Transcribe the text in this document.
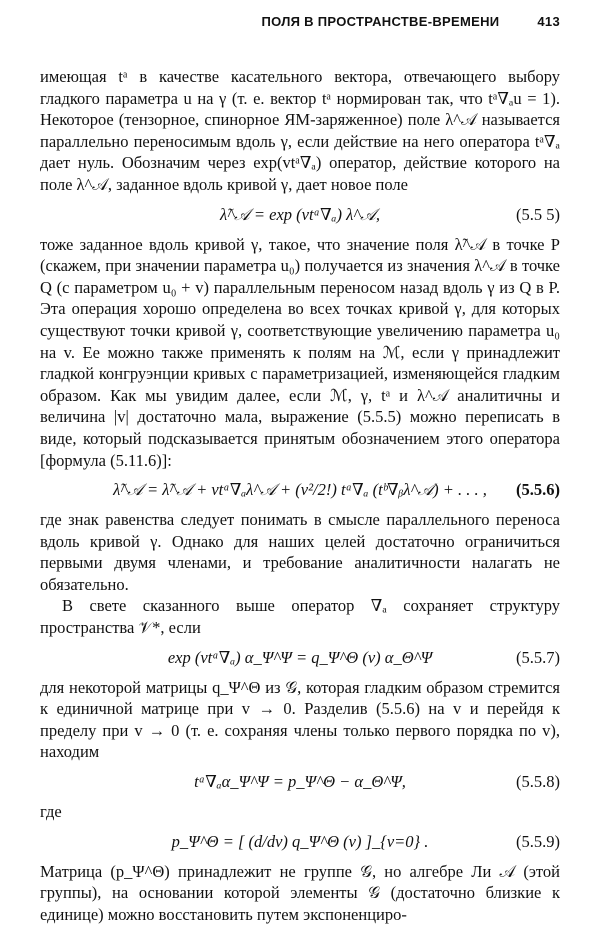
ПОЛЯ В ПРОСТРАНСТВЕ-ВРЕМЕНИ	413

имеющая tᵃ в качестве касательного вектора, отвечающего выбору гладкого параметра u на γ (т. е. вектор tᵃ нормирован так, что tᵃ∇ₐu = 1). Некоторое (тензорное, спинорное ЯМ-заряженное) поле λ^𝒜 называется параллельно переносимым вдоль γ, если действие на него оператора tᵃ∇ₐ дает нуль. Обозначим через exp(vtᵃ∇ₐ) оператор, действие которого на поле λ^𝒜, заданное вдоль кривой γ, дает новое поле

λ̃^𝒜 = exp (vtᵃ∇ₐ) λ^𝒜,	(5.5 5)

тоже заданное вдоль кривой γ, такое, что значение поля λ̃^𝒜 в точке P (скажем, при значении параметра u₀) получается из значения λ^𝒜 в точке Q (с параметром u₀ + v) параллельным переносом назад вдоль γ из Q в P. Эта операция хорошо определена во всех точках кривой γ, для которых существуют точки кривой γ, соответствующие увеличению параметра u₀ на v. Ее можно также применять к полям на ℳ, если γ принадлежит гладкой конгруэнции кривых с параметризацией, изменяющейся гладким образом. Как мы увидим далее, если ℳ, γ, tᵃ и λ^𝒜 аналитичны и величина |v| достаточно мала, выражение (5.5.5) можно переписать в виде, который подсказывается принятым обозначением этого оператора [формула (5.11.6)]:

λ̃^𝒜 = λ̃^𝒜 + vtᵃ∇ₐλ^𝒜 + (v²/2!) tᵃ∇ₐ (tᵇ∇ᵦλ^𝒜) + . . . , (5.5.6)

где знак равенства следует понимать в смысле параллельного переноса вдоль кривой γ. Однако для наших целей достаточно ограничиться первыми двумя членами, и требование аналитичности налагать не обязательно.

В свете сказанного выше оператор ∇ₐ сохраняет структуру пространства 𝒱*, если

exp (vtᵃ∇ₐ) α_Ψ^Ψ = q_Ψ^Θ (v) α_Θ^Ψ	(5.5.7)

для некоторой матрицы q_Ψ^Θ из 𝒢, которая гладким образом стремится к единичной матрице при v → 0. Разделив (5.5.6) на v и перейдя к пределу при v → 0 (т. е. сохраняя члены только первого порядка по v), находим

tᵃ∇ₐα_Ψ^Ψ = p_Ψ^Θ − α_Θ^Ψ,	(5.5.8)

где

p_Ψ^Θ = [ (d/dv) q_Ψ^Θ (v) ]_{v=0} .	(5.5.9)

Матрица (p_Ψ^Θ) принадлежит не группе 𝒢, но алгебре Ли 𝒜 (этой группы), на основании которой элементы 𝒢 (достаточно близкие к единице) можно восстановить путем экспоненциро-
